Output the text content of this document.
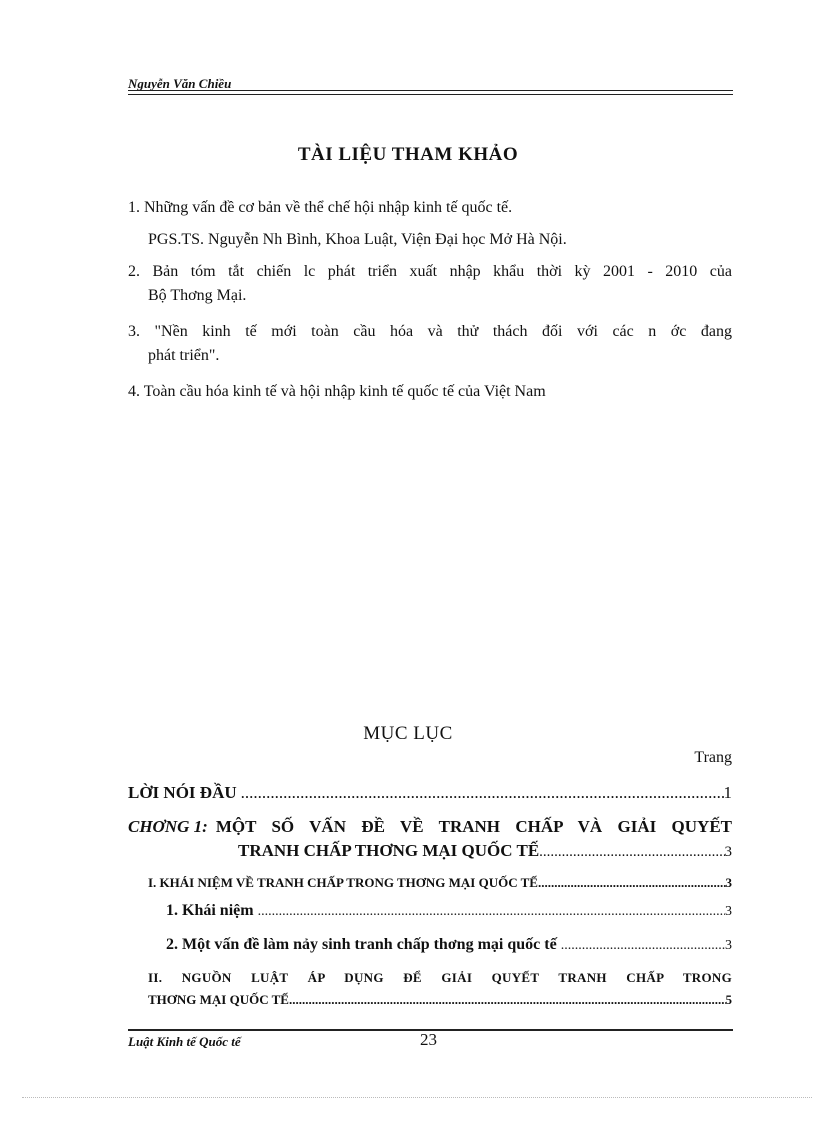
Nguyễn Văn Chiều
TÀI LIỆU THAM KHẢO
1. Những vấn đề cơ bản về thể chế hội nhập kinh tế quốc tế.
PGS.TS. Nguyễn Nh Bình, Khoa Luật, Viện Đại học Mở Hà Nội.
2. Bản tóm tắt chiến lc phát triển xuất nhập khẩu thời kỳ 2001 - 2010 của
Bộ Thơng Mại.
3. "Nền kinh tế mới toàn cầu hóa và thử thách đối với các n ớc đang
phát triển".
4. Toàn cầu hóa kinh tế và hội nhập kinh tế quốc tế của Việt Nam
MỤC LỤC
Trang
LỜI NÓI ĐẦU .....	1
CHƠNG 1: MỘT SỐ VẤN ĐỀ VỀ TRANH CHẤP VÀ GIẢI QUYẾT
TRANH CHẤP THƠNG MẠI QUỐC TẾ .....	3
I. KHÁI NIỆM VỀ TRANH CHẤP TRONG THƠNG MẠI QUỐC TẾ .....	3
1. Khái niệm .....	3
2. Một vấn đề làm nảy sinh tranh chấp thơng mại quốc tế .....	3
II. NGUỒN LUẬT ÁP DỤNG ĐỂ GIẢI QUYẾT TRANH CHẤP TRONG
THƠNG MẠI QUỐC TẾ .....	5
Luật Kinh tế Quốc tế	23
